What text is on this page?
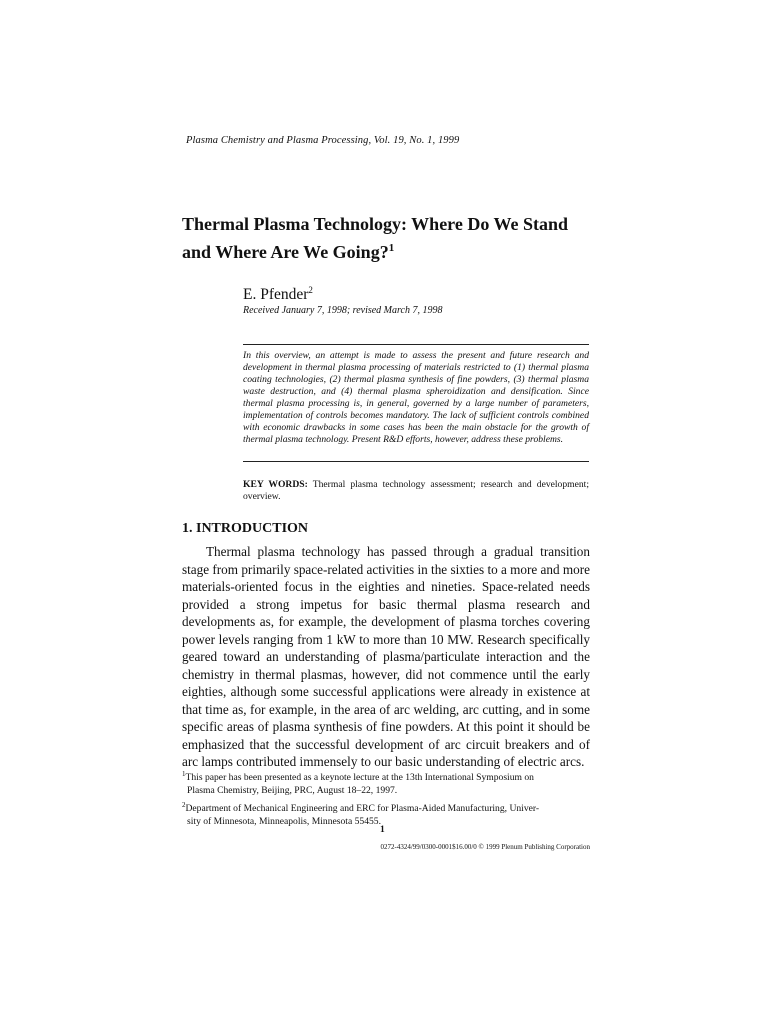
Plasma Chemistry and Plasma Processing, Vol. 19, No. 1, 1999
Thermal Plasma Technology: Where Do We Stand
and Where Are We Going?$^1$
E. Pfender$^2$
Received January 7, 1998; revised March 7, 1998
In this overview, an attempt is made to assess the present and future research and development in thermal plasma processing of materials restricted to (1) thermal plasma coating technologies, (2) thermal plasma synthesis of fine powders, (3) thermal plasma waste destruction, and (4) thermal plasma spheroidization and densification. Since thermal plasma processing is, in general, governed by a large number of parameters, implementation of controls becomes mandatory. The lack of sufficient controls combined with economic drawbacks in some cases has been the main obstacle for the growth of thermal plasma technology. Present R&D efforts, however, address these problems.
KEY WORDS: Thermal plasma technology assessment; research and development; overview.
1. INTRODUCTION
Thermal plasma technology has passed through a gradual transition stage from primarily space-related activities in the sixties to a more and more materials-oriented focus in the eighties and nineties. Space-related needs provided a strong impetus for basic thermal plasma research and developments as, for example, the development of plasma torches covering power levels ranging from 1 kW to more than 10 MW. Research specifically geared toward an understanding of plasma/particulate interaction and the chemistry in thermal plasmas, however, did not commence until the early eighties, although some successful applications were already in existence at that time as, for example, in the area of arc welding, arc cutting, and in some specific areas of plasma synthesis of fine powders. At this point it should be emphasized that the successful development of arc circuit breakers and of arc lamps contributed immensely to our basic understanding of electric arcs.
$^1$This paper has been presented as a keynote lecture at the 13th International Symposium on
Plasma Chemistry, Beijing, PRC, August 18–22, 1997.
$^2$Department of Mechanical Engineering and ERC for Plasma-Aided Manufacturing, Univer-
sity of Minnesota, Minneapolis, Minnesota 55455.
1
0272-4324/99/0300-0001$16.00/0 © 1999 Plenum Publishing Corporation
